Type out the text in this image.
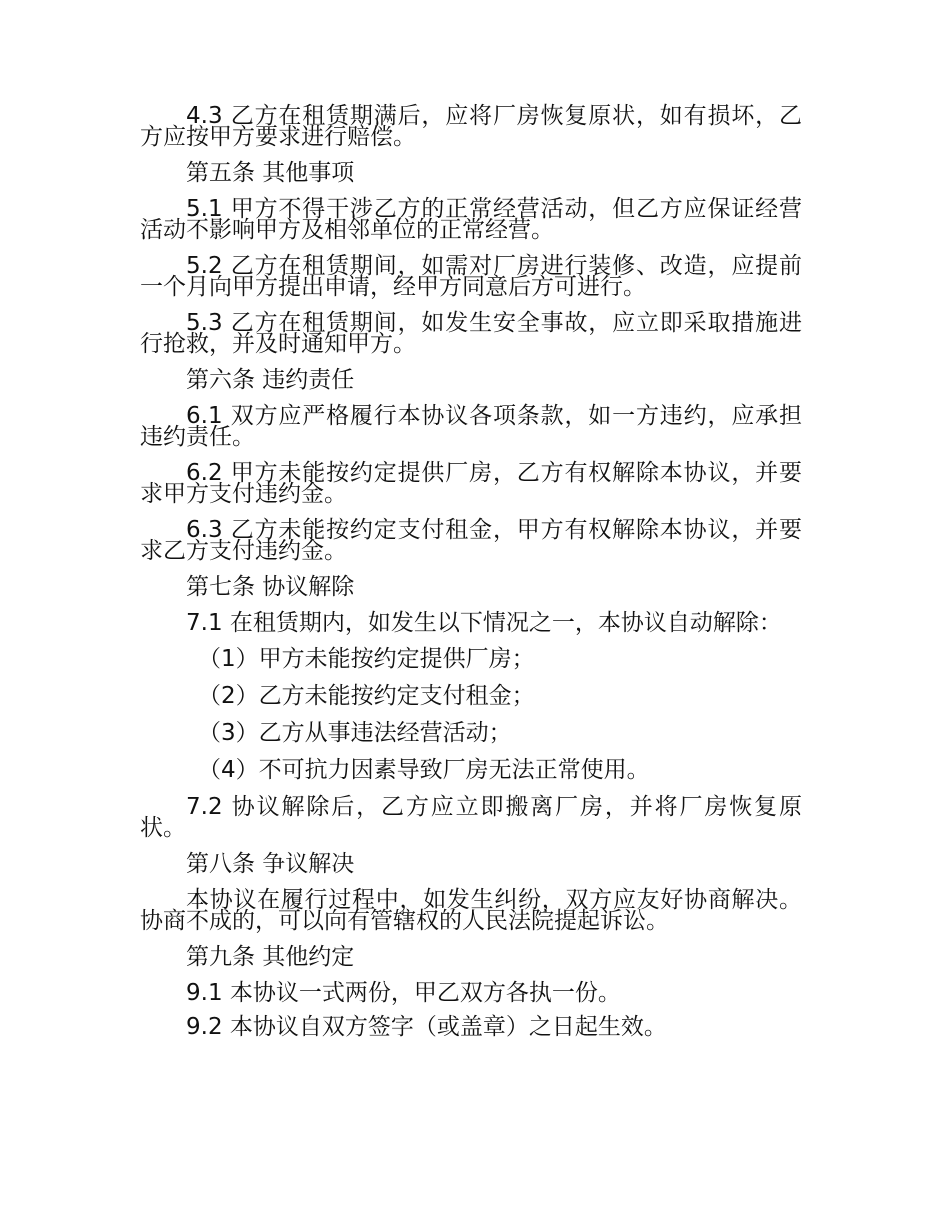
4.3 乙方在租赁期满后，应将厂房恢复原状，如有损坏，乙方应按甲方要求进行赔偿。

第五条 其他事项

5.1 甲方不得干涉乙方的正常经营活动，但乙方应保证经营活动不影响甲方及相邻单位的正常经营。

5.2 乙方在租赁期间，如需对厂房进行装修、改造，应提前一个月向甲方提出申请，经甲方同意后方可进行。

5.3 乙方在租赁期间，如发生安全事故，应立即采取措施进行抢救，并及时通知甲方。

第六条 违约责任

6.1 双方应严格履行本协议各项条款，如一方违约，应承担违约责任。

6.2 甲方未能按约定提供厂房，乙方有权解除本协议，并要求甲方支付违约金。

6.3 乙方未能按约定支付租金，甲方有权解除本协议，并要求乙方支付违约金。

第七条 协议解除

7.1 在租赁期内，如发生以下情况之一，本协议自动解除：

（1）甲方未能按约定提供厂房；

（2）乙方未能按约定支付租金；

（3）乙方从事违法经营活动；

（4）不可抗力因素导致厂房无法正常使用。

7.2 协议解除后，乙方应立即搬离厂房，并将厂房恢复原状。

第八条 争议解决

本协议在履行过程中，如发生纠纷，双方应友好协商解决。协商不成的，可以向有管辖权的人民法院提起诉讼。

第九条 其他约定

9.1 本协议一式两份，甲乙双方各执一份。

9.2 本协议自双方签字（或盖章）之日起生效。
